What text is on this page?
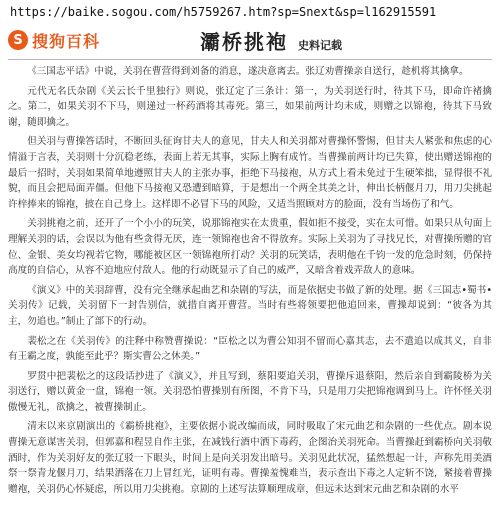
https://baike.sogou.com/h5759267.htm?sp=Snext&sp=l162915591
S 搜狗百科	灞桥挑袍 史料记载

《三国志平话》中说，关羽在曹营得到刘备的消息，遂决意离去。张辽劝曹操亲自送行，趁机将其擒拿。

元代无名氏杂剧《关云长千里独行》则说，张辽定了三条计：第一，为关羽送行时，待其下马，即命许褚擒之。第二，如果关羽不下马，则递过一杯药酒将其毒死。第三，如果前两计均未成，则赠之以锦袍，待其下马致谢，随即擒之。

但关羽与曹操答话时，不断回头征询甘夫人的意见，甘夫人和关羽都对曹操怀警惕，但甘夫人紧张和焦虑的心情溢于言表，关羽则十分沉稳老练，表面上若无其事，实际上胸有成竹。当曹操前两计均已失算，使出赠送锦袍的最后一招时，关羽如果简单地遵照甘夫人的主张办事，拒绝下马接袍，从方式上看未免过于生硬笨拙，显得很不礼貌，而且会把局面弄僵。但他下马接袍又恐遭到暗算，于是想出一个两全其美之计，伸出长柄偃月刀，用刀尖挑起许梓捧来的锦袍，披在自己身上。这样即不必冒下马的风险，又适当照顾对方的脸面，没有当场伤了和气。

关羽挑袍之前，还开了一个小小的玩笑，说那锦袍实在太贵重，假如拒不接受，实在太可惜。如果只从句面上理解关羽的话，会误以为他有些贪得无厌，连一领锦袍也舍不得放弃。实际上关羽为了寻找兄长，对曹操所赠的官位、金银、美女均视若它物，哪能被区区一领锦袍所打动？关羽的玩笑话，表明他在千钧一发的危急时刻，仍保持高度的自信心，从容不迫地应付敌人。他的行动既显示了自己的威严，又暗含着戏弄敌人的意味。

《演义》中的关羽辞曹，没有完全继承起曲艺和杂剧的写法，而是依据史书做了新的处理。据《三国志•蜀书•关羽传》记载，关羽留下一封告别信，就措自离开曹营。当时有些将领要把他追回来，曹操却说到：“彼各为其主，勿追也。”制止了部下的行动。

裴松之在《关羽传》的注释中称赞曹操说：“臣松之以为曹公知羽不留而心嘉其志，去不遣追以成其义，自非有王霸之度，孰能至此乎？斯实曹公之休美。”

罗贯中把裴松之的这段话抄进了《演义》，并且写到，蔡阳要追关羽，曹操斥退蔡阳，然后亲自到霸陵桥为关羽送行，赠以黄金一盘，锦袍一领。关羽恐怕曹操别有所图，不肯下马，只是用刀尖把锦袍调到马上。许怀怪关羽傲慢无礼，欲擒之，被曹操制止。

清末以来京剧演出的《霸桥挑袍》，主要依据小说改编而成，同时吸取了宋元曲艺和杂剧的一些优点。剧本说曹操无意谋害关羽，但郭嘉和程昱自作主张，在减钱行酒中洒下毒药，企图治关羽死命。当曹操赶到霸桥向关羽敬酒时，作为关羽好友的张辽驳一下眼头，时间上是向关羽发出暗号。关羽见此状况，猛然想起一计，声称先用美酒祭一祭青龙偃月刀，结果洒落在刀上冒红光，证明有毒。曹操羞愧难当，表示查出下毒之人定斩不饶，紧接着曹操赠袍，关羽仍心怀疑虑，所以用刀尖挑袍。京剧的上述写法算顺理成章，但远未达到宋元曲艺和杂剧的水平
